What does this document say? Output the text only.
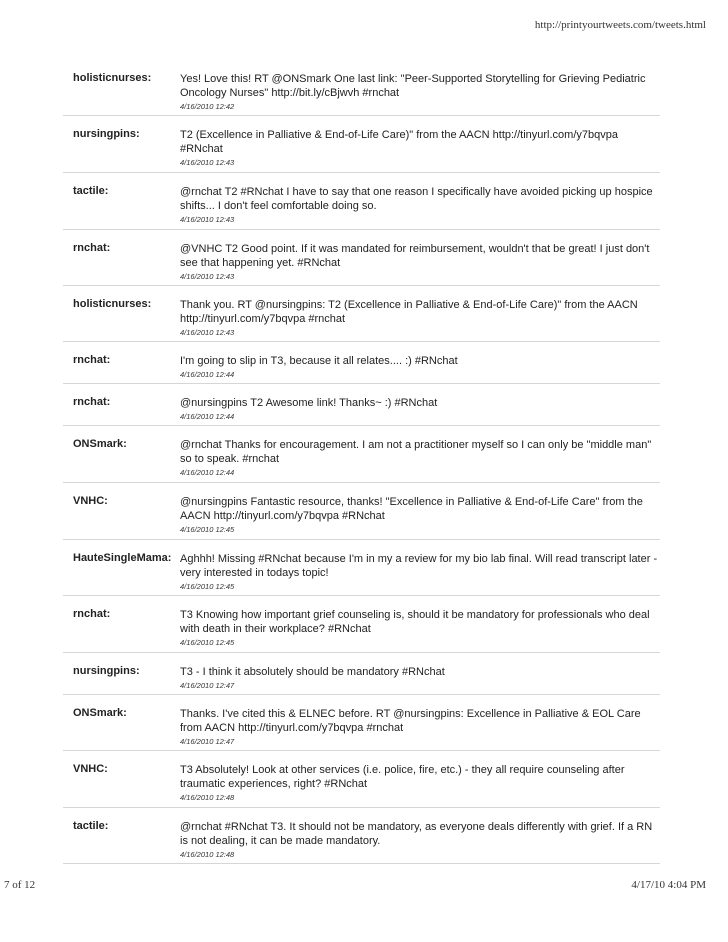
http://printyourtweets.com/tweets.html
holisticnurses:	Yes! Love this! RT @ONSmark One last link: "Peer-Supported Storytelling for Grieving Pediatric Oncology Nurses" http://bit.ly/cBjwvh #rnchat
4/16/2010 12:42
nursingpins:	T2 (Excellence in Palliative & End-of-Life Care)" from the AACN http://tinyurl.com/y7bqvpa #RNchat
4/16/2010 12:43
tactile:	@rnchat T2 #RNchat I have to say that one reason I specifically have avoided picking up hospice shifts... I don't feel comfortable doing so.
4/16/2010 12:43
rnchat:	@VNHC T2 Good point. If it was mandated for reimbursement, wouldn't that be great! I just don't see that happening yet. #RNchat
4/16/2010 12:43
holisticnurses:	Thank you. RT @nursingpins: T2 (Excellence in Palliative & End-of-Life Care)" from the AACN http://tinyurl.com/y7bqvpa #rnchat
4/16/2010 12:43
rnchat:	I'm going to slip in T3, because it all relates.... :) #RNchat
4/16/2010 12:44
rnchat:	@nursingpins T2 Awesome link! Thanks~ :) #RNchat
4/16/2010 12:44
ONSmark:	@rnchat Thanks for encouragement. I am not a practitioner myself so I can only be "middle man" so to speak. #rnchat
4/16/2010 12:44
VNHC:	@nursingpins Fantastic resource, thanks! "Excellence in Palliative & End-of-Life Care" from the AACN http://tinyurl.com/y7bqvpa #RNchat
4/16/2010 12:45
HauteSingleMama: Aghhh! Missing #RNchat because I'm in my a review for my bio lab final. Will read transcript later - very interested in todays topic!
4/16/2010 12:45
rnchat:	T3 Knowing how important grief counseling is, should it be mandatory for professionals who deal with death in their workplace? #RNchat
4/16/2010 12:45
nursingpins:	T3 - I think it absolutely should be mandatory #RNchat
4/16/2010 12:47
ONSmark:	Thanks. I've cited this & ELNEC before. RT @nursingpins: Excellence in Palliative & EOL Care from AACN http://tinyurl.com/y7bqvpa #rnchat
4/16/2010 12:47
VNHC:	T3 Absolutely! Look at other services (i.e. police, fire, etc.) - they all require counseling after traumatic experiences, right? #RNchat
4/16/2010 12:48
tactile:	@rnchat #RNchat T3. It should not be mandatory, as everyone deals differently with grief. If a RN is not dealing, it can be made mandatory.
4/16/2010 12:48
7 of 12	4/17/10 4:04 PM
